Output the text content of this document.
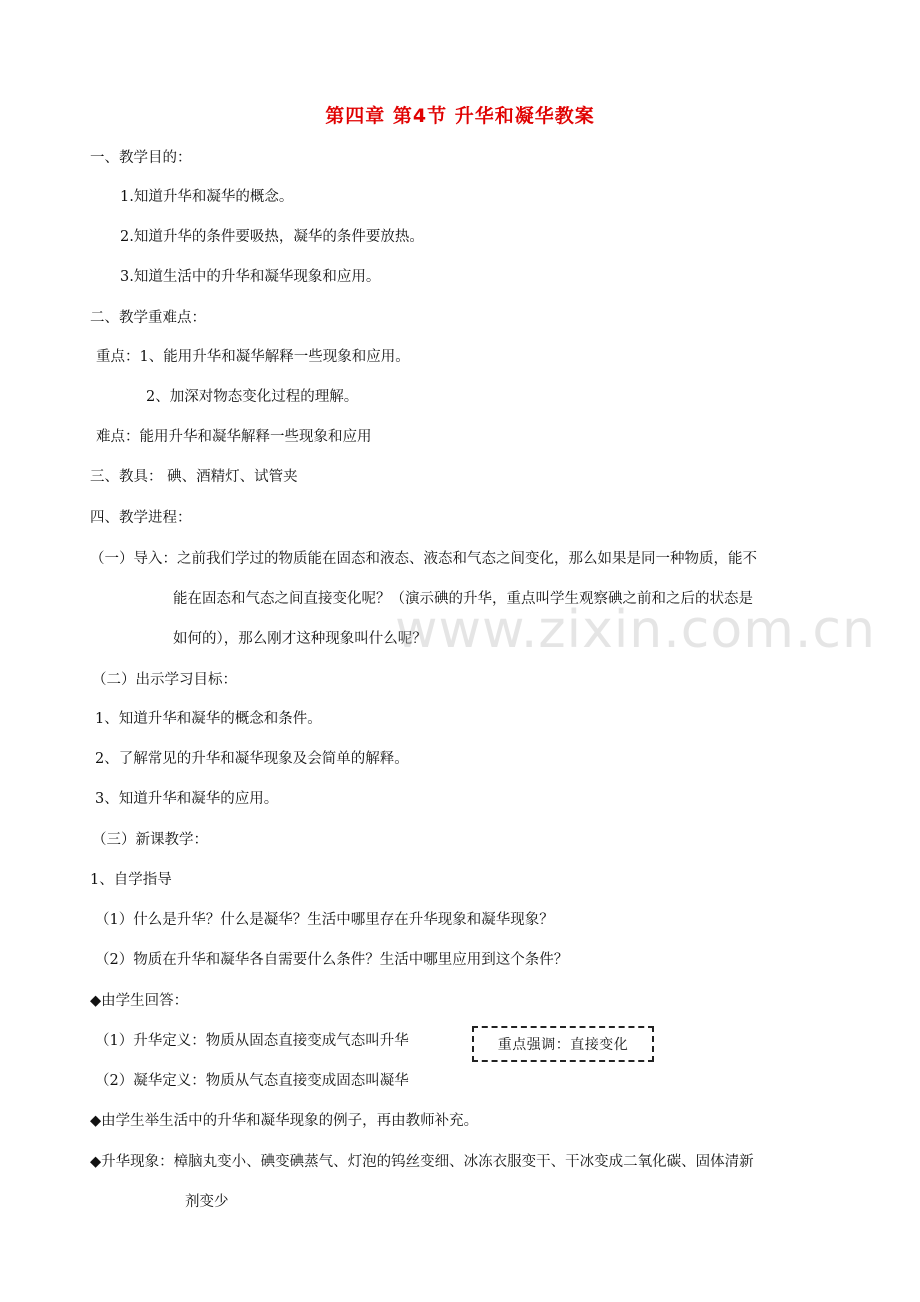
第四章 第4节 升华和凝华教案
一、教学目的：
1.知道升华和凝华的概念。
2.知道升华的条件要吸热，凝华的条件要放热。
3.知道生活中的升华和凝华现象和应用。
二、教学重难点：
重点：1、能用升华和凝华解释一些现象和应用。
2、加深对物态变化过程的理解。
难点：能用升华和凝华解释一些现象和应用
三、教具： 碘、酒精灯、试管夹
四、教学进程：
（一）导入：之前我们学过的物质能在固态和液态、液态和气态之间变化，那么如果是同一种物质，能不
能在固态和气态之间直接变化呢？（演示碘的升华，重点叫学生观察碘之前和之后的状态是
如何的），那么刚才这种现象叫什么呢？
（二）出示学习目标：
1、知道升华和凝华的概念和条件。
2、了解常见的升华和凝华现象及会简单的解释。
3、知道升华和凝华的应用。
（三）新课教学：
1、自学指导
（1）什么是升华？什么是凝华？生活中哪里存在升华现象和凝华现象？
（2）物质在升华和凝华各自需要什么条件？生活中哪里应用到这个条件？
◆由学生回答：
（1）升华定义：物质从固态直接变成气态叫升华	重点强调：直接变化
（2）凝华定义：物质从气态直接变成固态叫凝华
◆由学生举生活中的升华和凝华现象的例子，再由教师补充。
◆升华现象：樟脑丸变小、碘变碘蒸气、灯泡的钨丝变细、冰冻衣服变干、干冰变成二氧化碳、固体清新
剂变少
www.zixin.com.cn
